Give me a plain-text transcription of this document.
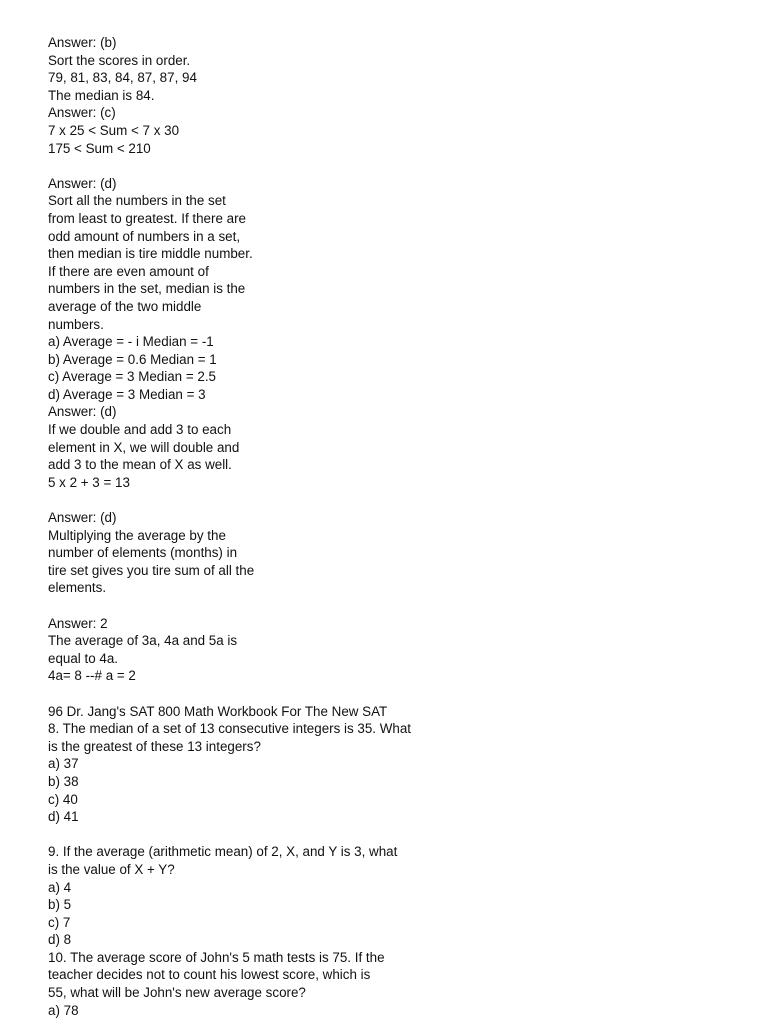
Answer: (b)
Sort the scores in order.
79, 81, 83, 84, 87, 87, 94
The median is 84.
Answer: (c)
7 x 25 < Sum < 7 x 30
175 < Sum < 210
Answer: (d)
Sort all the numbers in the set
from least to greatest. If there are
odd amount of numbers in a set,
then median is tire middle number.
If there are even amount of
numbers in the set, median is the
average of the two middle
numbers.
a) Average = - i Median = -1
b) Average = 0.6 Median = 1
c) Average = 3 Median = 2.5
d) Average = 3 Median = 3
Answer: (d)
If we double and add 3 to each
element in X, we will double and
add 3 to the mean of X as well.
5 x 2 + 3 = 13
Answer: (d)
Multiplying the average by the
number of elements (months) in
tire set gives you tire sum of all the
elements.
Answer: 2
The average of 3a, 4a and 5a is
equal to 4a.
4a= 8 --# a = 2
96 Dr. Jang's SAT 800 Math Workbook For The New SAT
8. The median of a set of 13 consecutive integers is 35. What
is the greatest of these 13 integers?
a) 37
b) 38
c) 40
d) 41
9. If the average (arithmetic mean) of 2, X, and Y is 3, what
is the value of X + Y?
a) 4
b) 5
c) 7
d) 8
10. The average score of John's 5 math tests is 75. If the
teacher decides not to count his lowest score, which is
55, what will be John's new average score?
a) 78
